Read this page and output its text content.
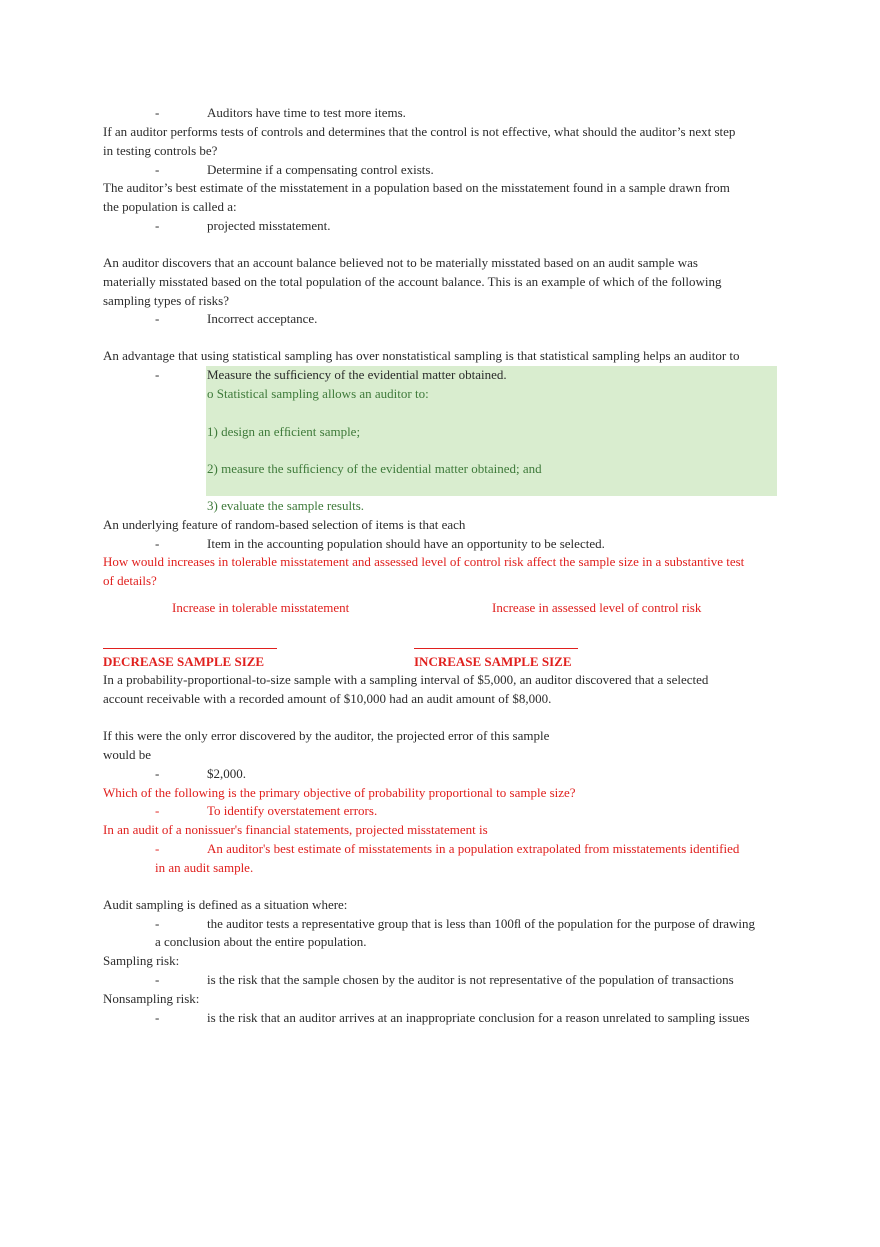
-	Auditors have time to test more items.
If an auditor performs tests of controls and determines that the control is not effective, what should the auditor’s next step
in testing controls be?
-	Determine if a compensating control exists.
The auditor’s best estimate of the misstatement in a population based on the misstatement found in a sample drawn from
the population is called a:
-	projected misstatement.
An auditor discovers that an account balance believed not to be materially misstated based on an audit sample was
materially misstated based on the total population of the account balance. This is an example of which of the following
sampling types of risks?
-	Incorrect acceptance.
An advantage that using statistical sampling has over nonstatistical sampling is that statistical sampling helps an auditor to
-	Measure the sufﬁciency of the evidential matter obtained.
o Statistical sampling allows an auditor to:
1) design an efﬁcient sample;
2) measure the sufﬁciency of the evidential matter obtained; and
3) evaluate the sample results.
An underlying feature of random-based selection of items is that each
-	Item in the accounting population should have an opportunity to be selected.
How would increases in tolerable misstatement and assessed level of control risk affect the sample size in a substantive test
of details?
Increase in tolerable misstatement	Increase in assessed level of control risk
DECREASE SAMPLE SIZE	INCREASE SAMPLE SIZE
In a probability-proportional-to-size sample with a sampling interval of $5,000, an auditor discovered that a selected
account receivable with a recorded amount of $10,000 had an audit amount of $8,000.
If this were the only error discovered by the auditor, the projected error of this sample
would be
-	$2,000.
Which of the following is the primary objective of probability proportional to sample size?
-	To identify overstatement errors.
In an audit of a nonissuer's financial statements, projected misstatement is
-	An auditor's best estimate of misstatements in a population extrapolated from misstatements identified
in an audit sample.
Audit sampling is defined as a situation where:
-	the auditor tests a representative group that is less than 100ﬂ of the population for the purpose of drawing
a conclusion about the entire population.
Sampling risk:
-	is the risk that the sample chosen by the auditor is not representative of the population of transactions
Nonsampling risk:
-	is the risk that an auditor arrives at an inappropriate conclusion for a reason unrelated to sampling issues
